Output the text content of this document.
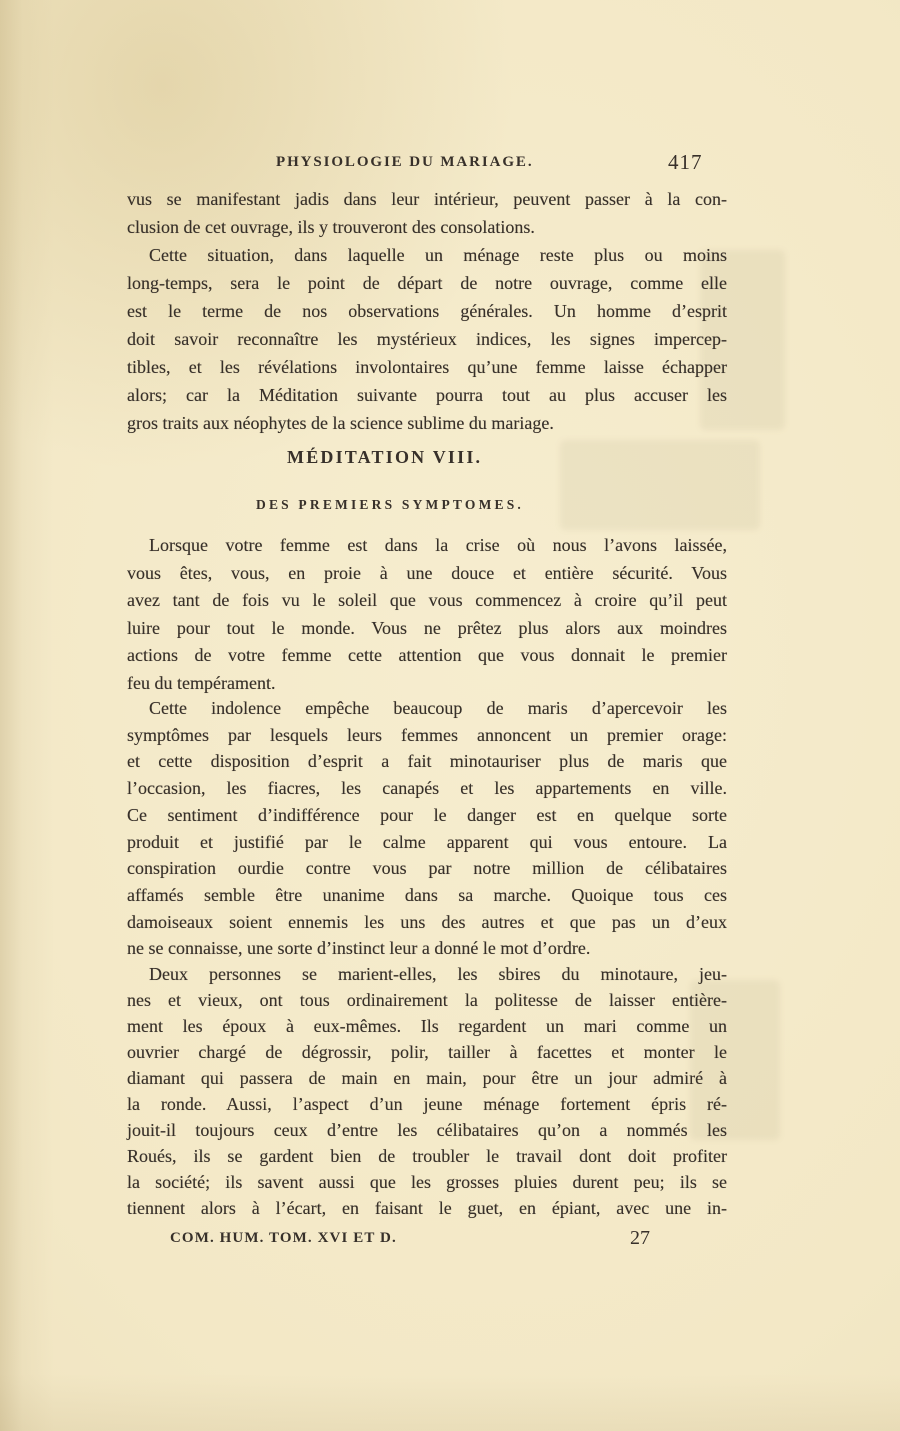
PHYSIOLOGIE DU MARIAGE.	417
vus se manifestant jadis dans leur intérieur, peuvent passer à la con-
clusion de cet ouvrage, ils y trouveront des consolations.
Cette situation, dans laquelle un ménage reste plus ou moins
long-temps, sera le point de départ de notre ouvrage, comme elle
est le terme de nos observations générales. Un homme d’esprit
doit savoir reconnaître les mystérieux indices, les signes impercep-
tibles, et les révélations involontaires qu’une femme laisse échapper
alors; car la Méditation suivante pourra tout au plus accuser les
gros traits aux néophytes de la science sublime du mariage.
MÉDITATION VIII.
DES PREMIERS SYMPTOMES.
Lorsque votre femme est dans la crise où nous l’avons laissée,
vous êtes, vous, en proie à une douce et entière sécurité. Vous
avez tant de fois vu le soleil que vous commencez à croire qu’il peut
luire pour tout le monde. Vous ne prêtez plus alors aux moindres
actions de votre femme cette attention que vous donnait le premier
feu du tempérament.
Cette indolence empêche beaucoup de maris d’apercevoir les
symptômes par lesquels leurs femmes annoncent un premier orage:
et cette disposition d’esprit a fait minotauriser plus de maris que
l’occasion, les fiacres, les canapés et les appartements en ville.
Ce sentiment d’indifférence pour le danger est en quelque sorte
produit et justifié par le calme apparent qui vous entoure. La
conspiration ourdie contre vous par notre million de célibataires
affamés semble être unanime dans sa marche. Quoique tous ces
damoiseaux soient ennemis les uns des autres et que pas un d’eux
ne se connaisse, une sorte d’instinct leur a donné le mot d’ordre.
Deux personnes se marient-elles, les sbires du minotaure, jeu-
nes et vieux, ont tous ordinairement la politesse de laisser entière-
ment les époux à eux-mêmes. Ils regardent un mari comme un
ouvrier chargé de dégrossir, polir, tailler à facettes et monter le
diamant qui passera de main en main, pour être un jour admiré à
la ronde. Aussi, l’aspect d’un jeune ménage fortement épris ré-
jouit-il toujours ceux d’entre les célibataires qu’on a nommés les
Roués, ils se gardent bien de troubler le travail dont doit profiter
la société; ils savent aussi que les grosses pluies durent peu; ils se
tiennent alors à l’écart, en faisant le guet, en épiant, avec une in-
COM. HUM. TOM. XVI ET D.	27
